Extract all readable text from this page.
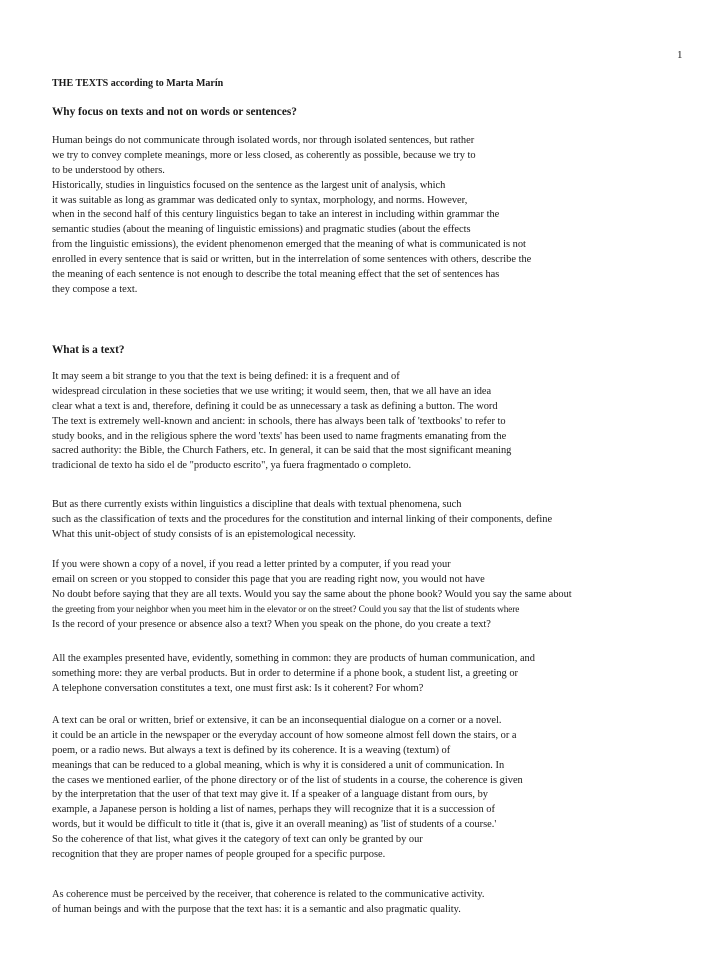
1
THE TEXTS according to Marta Marín
Why focus on texts and not on words or sentences?

Human beings do not communicate through isolated words, nor through isolated sentences, but rather
we try to convey complete meanings, more or less closed, as coherently as possible, because we try to
to be understood by others.
Historically, studies in linguistics focused on the sentence as the largest unit of analysis, which
it was suitable as long as grammar was dedicated only to syntax, morphology, and norms. However,
when in the second half of this century linguistics began to take an interest in including within grammar the
semantic studies (about the meaning of linguistic emissions) and pragmatic studies (about the effects
from the linguistic emissions), the evident phenomenon emerged that the meaning of what is communicated is not
enrolled in every sentence that is said or written, but in the interrelation of some sentences with others, describe the
the meaning of each sentence is not enough to describe the total meaning effect that the set of sentences has
they compose a text.

What is a text?

It may seem a bit strange to you that the text is being defined: it is a frequent and of
widespread circulation in these societies that we use writing; it would seem, then, that we all have an idea
clear what a text is and, therefore, defining it could be as unnecessary a task as defining a button. The word
The text is extremely well-known and ancient: in schools, there has always been talk of 'textbooks' to refer to
study books, and in the religious sphere the word 'texts' has been used to name fragments emanating from the
sacred authority: the Bible, the Church Fathers, etc. In general, it can be said that the most significant meaning
tradicional de texto ha sido el de "producto escrito", ya fuera fragmentado o completo.

But as there currently exists within linguistics a discipline that deals with textual phenomena, such
such as the classification of texts and the procedures for the constitution and internal linking of their components, define
What this unit-object of study consists of is an epistemological necessity.

If you were shown a copy of a novel, if you read a letter printed by a computer, if you read your
email on screen or you stopped to consider this page that you are reading right now, you would not have
No doubt before saying that they are all texts. Would you say the same about the phone book? Would you say the same about
the greeting from your neighbor when you meet him in the elevator or on the street? Could you say that the list of students where
Is the record of your presence or absence also a text? When you speak on the phone, do you create a text?

All the examples presented have, evidently, something in common: they are products of human communication, and
something more: they are verbal products. But in order to determine if a phone book, a student list, a greeting or
A telephone conversation constitutes a text, one must first ask: Is it coherent? For whom?

A text can be oral or written, brief or extensive, it can be an inconsequential dialogue on a corner or a novel.
it could be an article in the newspaper or the everyday account of how someone almost fell down the stairs, or a
poem, or a radio news. But always a text is defined by its coherence. It is a weaving (textum) of
meanings that can be reduced to a global meaning, which is why it is considered a unit of communication. In
the cases we mentioned earlier, of the phone directory or of the list of students in a course, the coherence is given
by the interpretation that the user of that text may give it. If a speaker of a language distant from ours, by
example, a Japanese person is holding a list of names, perhaps they will recognize that it is a succession of
words, but it would be difficult to title it (that is, give it an overall meaning) as 'list of students of a course.'
So the coherence of that list, what gives it the category of text can only be granted by our
recognition that they are proper names of people grouped for a specific purpose.

As coherence must be perceived by the receiver, that coherence is related to the communicative activity.
of human beings and with the purpose that the text has: it is a semantic and also pragmatic quality.
